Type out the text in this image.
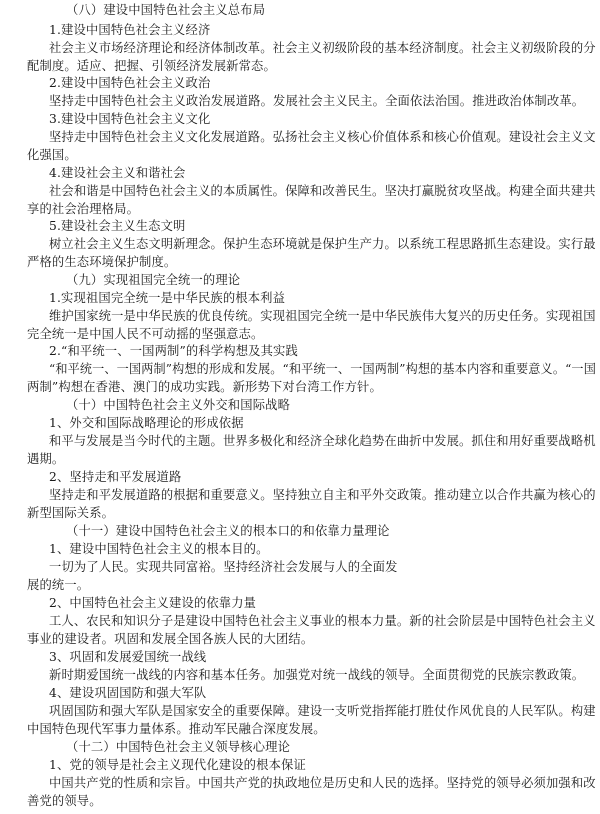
（八）建设中国特色社会主义总布局
1.建设中国特色社会主义经济
社会主义市场经济理论和经济体制改革。社会主义初级阶段的基本经济制度。社会主义初级阶段的分
配制度。适应、把握、引领经济发展新常态。
2.建设中国特色社会主义政治
坚持走中国特色社会主义政治发展道路。发展社会主义民主。全面依法治国。推进政治体制改革。
3.建设中国特色社会主义文化
坚持走中国特色社会主义文化发展道路。弘扬社会主义核心价值体系和核心价值观。建设社会主义文
化强国。
4.建设社会主义和谐社会
社会和谐是中国特色社会主义的本质属性。保障和改善民生。坚决打赢脱贫攻坚战。构建全面共建共
享的社会治理格局。
5.建设社会主义生态文明
树立社会主义生态文明新理念。保护生态环境就是保护生产力。以系统工程思路抓生态建设。实行最
严格的生态环境保护制度。
（九）实现祖国完全统一的理论
1.实现祖国完全统一是中华民族的根本利益
维护国家统一是中华民族的优良传统。实现祖国完全统一是中华民族伟大复兴的历史任务。实现祖国
完全统一是中国人民不可动摇的坚强意志。
2.“和平统一、一国两制”的科学构想及其实践
“和平统一、一国两制”构想的形成和发展。“和平统一、一国两制”构想的基本内容和重要意义。“一国
两制”构想在香港、澳门的成功实践。新形势下对台湾工作方针。
（十）中国特色社会主义外交和国际战略
1、外交和国际战略理论的形成依据
和平与发展是当今时代的主题。世界多极化和经济全球化趋势在曲折中发展。抓住和用好重要战略机
遇期。
2、坚持走和平发展道路
坚持走和平发展道路的根据和重要意义。坚持独立自主和平外交政策。推动建立以合作共赢为核心的
新型国际关系。
（十一）建设中国特色社会主义的根本口的和依靠力量理论
1、建设中国特色社会主义的根本目的。
一切为了人民。实现共同富裕。坚持经济社会发展与人的全面发
展的统一。
2、中国特色社会主义建设的依靠力量
工人、农民和知识分子是建设中国特色社会主义事业的根本力量。新的社会阶层是中国特色社会主义
事业的建设者。巩固和发展全国各族人民的大团结。
3、巩固和发展爱国统一战线
新时期爱国统一战线的内容和基本任务。加强党对统一战线的领导。全面贯彻党的民族宗教政策。
4、建设巩固国防和强大军队
巩固国防和强大军队是国家安全的重要保障。建设一支听党指挥能打胜仗作风优良的人民军队。构建
中国特色现代军事力量体系。推动军民融合深度发展。
（十二）中国特色社会主义领导核心理论
1、党的领导是社会主义现代化建设的根本保证
中国共产党的性质和宗旨。中国共产党的执政地位是历史和人民的选择。坚持党的领导必须加强和改
善党的领导。
